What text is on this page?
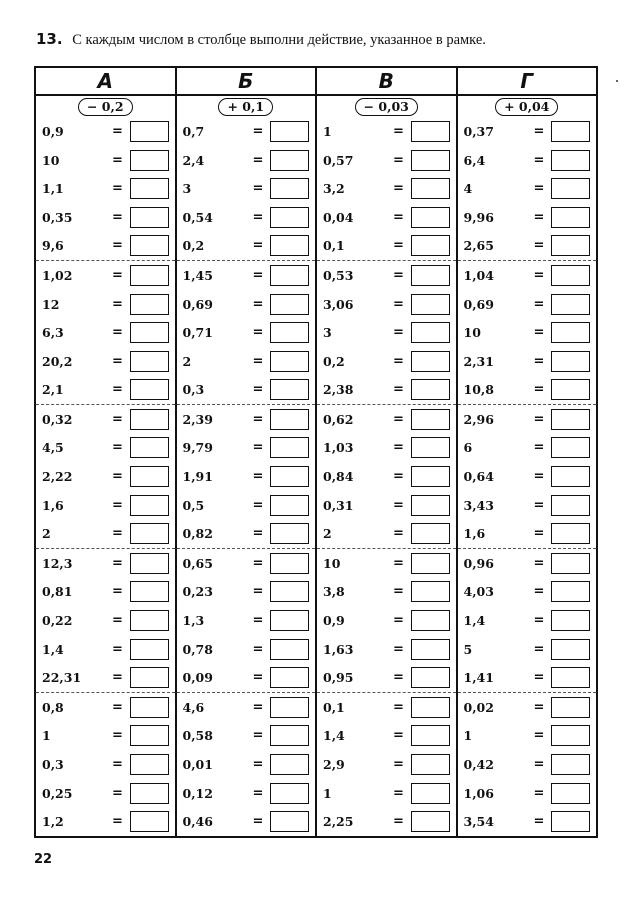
13. С каждым числом в столбце выполни действие, указанное в рамке.
А
− 0,2
0,9	=
10	=
1,1	=
0,35	=
9,6	=
1,02	=
12	=
6,3	=
20,2	=
2,1	=
0,32	=
4,5	=
2,22	=
1,6	=
2	=
12,3	=
0,81	=
0,22	=
1,4	=
22,31 =
0,8	=
1	=
0,3	=
0,25	=
1,2	=
Б
+ 0,1
0,7	=
2,4	=
3	=
0,54	=
0,2	=
1,45	=
0,69	=
0,71	=
2	=
0,3	=
2,39	=
9,79	=
1,91	=
0,5	=
0,82	=
0,65	=
0,23	=
1,3	=
0,78	=
0,09	=
4,6	=
0,58	=
0,01	=
0,12	=
0,46	=
В
− 0,03
1	=
0,57	=
3,2	=
0,04	=
0,1	=
0,53	=
3,06	=
3	=
0,2	=
2,38	=
0,62	=
1,03	=
0,84	=
0,31	=
2	=
10	=
3,8	=
0,9	=
1,63	=
0,95	=
0,1	=
1,4	=
2,9	=
1	=
2,25	=
Г
+ 0,04
0,37	=
6,4	=
4	=
9,96	=
2,65	=
1,04	=
0,69	=
10	=
2,31	=
10,8	=
2,96	=
6	=
0,64	=
3,43	=
1,6	=
0,96	=
4,03	=
1,4	=
5	=
1,41	=
0,02	=
1	=
0,42	=
1,06	=
3,54	=
22
